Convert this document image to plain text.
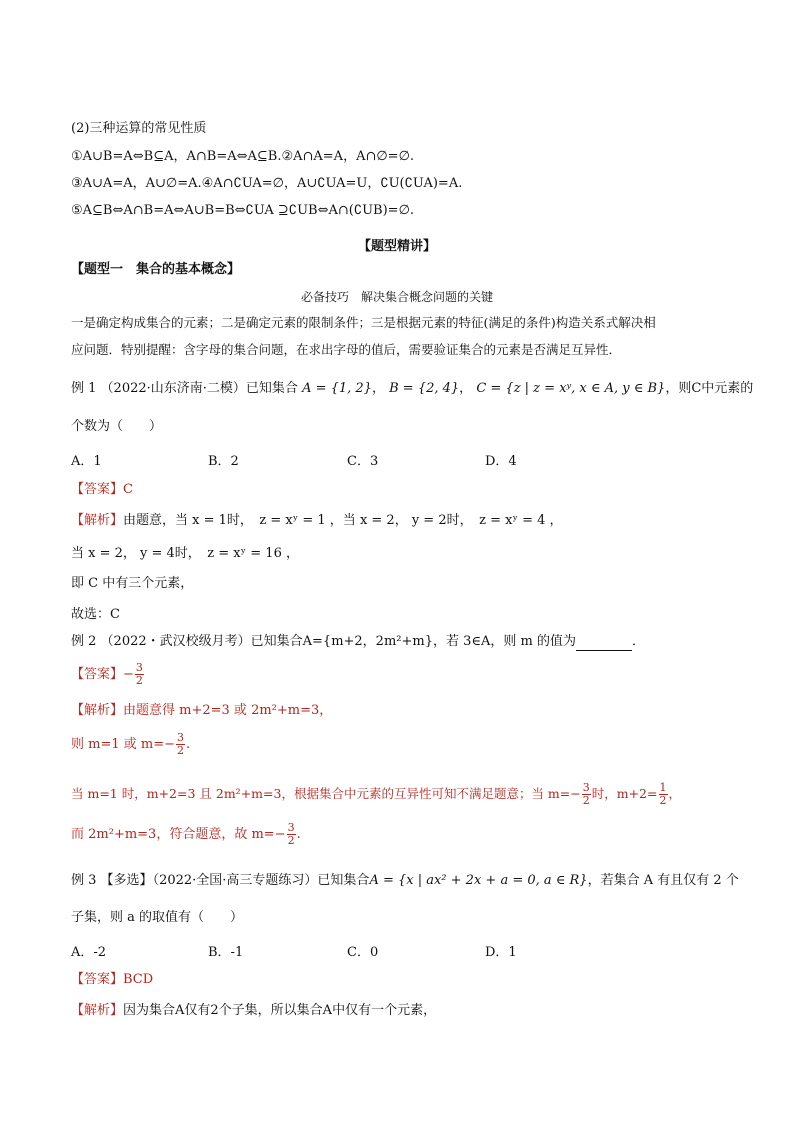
(2)三种运算的常见性质
①A∪B=A⇔B⊆A，A∩B=A⇔A⊆B.②A∩A=A，A∩∅=∅.
③A∪A=A，A∪∅=A.④A∩∁UA=∅，A∪∁UA=U，∁U(∁UA)=A.
⑤A⊆B⇔A∩B=A⇔A∪B=B⇔∁UA ⊇∁UB⇔A∩(∁UB)=∅.
【题型精讲】
【题型一　集合的基本概念】
必备技巧　解决集合概念问题的关键
一是确定构成集合的元素；二是确定元素的限制条件；三是根据元素的特征(满足的条件)构造关系式解决相
应问题．特别提醒：含字母的集合问题，在求出字母的值后，需要验证集合的元素是否满足互异性．
例 1 （2022·山东济南·二模）已知集合 A = {1, 2}， B = {2, 4}， C = {z | z = xʸ, x ∈ A, y ∈ B}，则C中元素的
个数为（　　）
A．1	B．2	C．3	D．4
【答案】C
【解析】由题意，当 x = 1时，　z = xʸ = 1 ，当 x = 2， y = 2时，　z = xʸ = 4 ，
当 x = 2， y = 4时，　z = xʸ = 16 ，
即 C 中有三个元素，
故选：C
例 2 （2022・武汉校级月考）已知集合A={m+2，2m²+m}，若 3∈A，则 m 的值为	．
【答案】− $\frac{3}{2}$
【解析】由题意得 m+2=3 或 2m²+m=3，
则 m=1 或 $m=- \frac{3}{2}$ .
当 m=1 时，m+2=3 且 2m²+m=3，根据集合中元素的互异性可知不满足题意；当 $m=- \frac{3}{2}$ 时，$m+2= \frac{1}{2}$ ，
而 2m²+m=3，符合题意，故 $m=- \frac{3}{2}$ .
例 3 【多选】（2022·全国·高三专题练习）已知集合A = {x | ax² + 2x + a = 0, a ∈ R}，若集合 A 有且仅有 2 个
子集，则 a 的取值有（　　）
A．-2	B．-1	C．0	D．1
【答案】BCD
【解析】因为集合A仅有2个子集，所以集合A中仅有一个元素，
